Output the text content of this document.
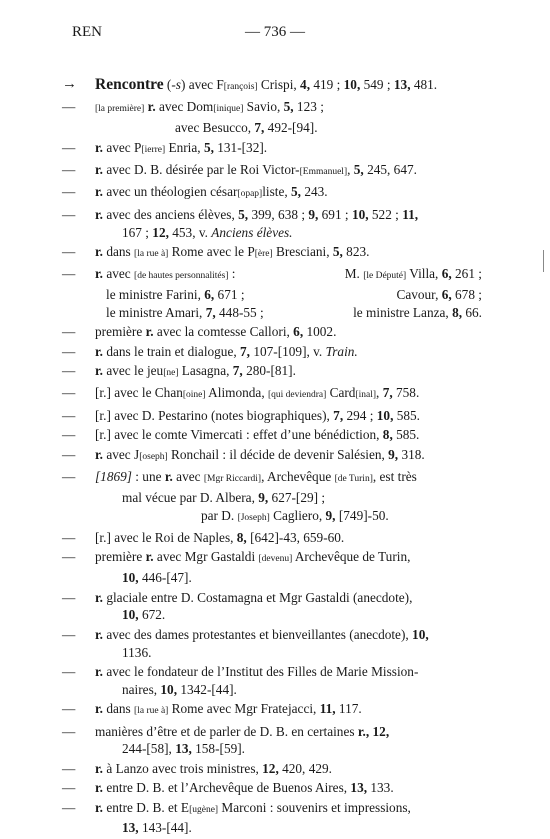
REN	— 736 —
→	Rencontre (-s) avec F[rançois] Crispi, 4, 419 ; 10, 549 ; 13, 481.
—	[la première] r. avec Dom[inique] Savio, 5, 123 ;
avec Besucco, 7, 492-[94].
—	r. avec P[ierre] Enria, 5, 131-[32].
—	r. avec D. B. désirée par le Roi Victor-[Emmanuel], 5, 245, 647.
—	r. avec un théologien césar[opap]liste, 5, 243.
—	r. avec des anciens élèves, 5, 399, 638 ; 9, 691 ; 10, 522 ; 11,
167 ; 12, 453, v. Anciens élèves.
—	r. dans [la rue à] Rome avec le P[ère] Bresciani, 5, 823.
—	r. avec [de hautes personnalités] :	M. [le Député] Villa, 6, 261 ;
le ministre Farini, 6, 671 ;	Cavour, 6, 678 ;
le ministre Amari, 7, 448-55 ;	le ministre Lanza, 8, 66.
—	première r. avec la comtesse Callori, 6, 1002.
—	r. dans le train et dialogue, 7, 107-[109], v. Train.
—	r. avec le jeu[ne] Lasagna, 7, 280-[81].
—	[r.] avec le Chan[oine] Alimonda, [qui deviendra] Card[inal], 7, 758.
—	[r.] avec D. Pestarino (notes biographiques), 7, 294 ; 10, 585.
—	[r.] avec le comte Vimercati : effet d’une bénédiction, 8, 585.
—	r. avec J[oseph] Ronchail : il décide de devenir Salésien, 9, 318.
—	[1869] : une r. avec [Mgr Riccardi], Archevêque [de Turin], est très
mal vécue par D. Albera, 9, 627-[29] ;
par D. [Joseph] Cagliero, 9, [749]-50.
—	[r.] avec le Roi de Naples, 8, [642]-43, 659-60.
—	première r. avec Mgr Gastaldi [devenu] Archevêque de Turin,
10, 446-[47].
—	r. glaciale entre D. Costamagna et Mgr Gastaldi (anecdote),
10, 672.
—	r. avec des dames protestantes et bienveillantes (anecdote), 10,
1136.
—	r. avec le fondateur de l’Institut des Filles de Marie Mission-
naires, 10, 1342-[44].
—	r. dans [la rue à] Rome avec Mgr Fratejacci, 11, 117.
—	manières d’être et de parler de D. B. en certaines r., 12,
244-[58], 13, 158-[59].
—	r. à Lanzo avec trois ministres, 12, 420, 429.
—	r. entre D. B. et l’Archevêque de Buenos Aires, 13, 133.
—	r. entre D. B. et E[ugène] Marconi : souvenirs et impressions,
13, 143-[44].
